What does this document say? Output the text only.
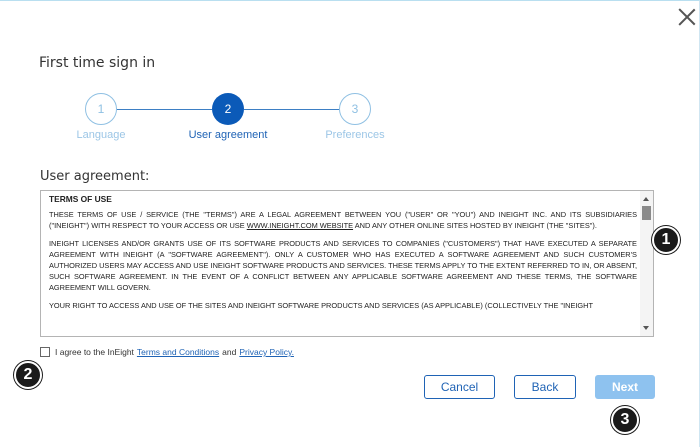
First time sign in
1	2	3
Language	User agreement	Preferences
User agreement:
TERMS OF USE
THESE TERMS OF USE / SERVICE (THE "TERMS") ARE A LEGAL AGREEMENT BETWEEN YOU ("USER" OR "YOU") AND INEIGHT INC. AND ITS SUBSIDIARIES ("INEIGHT") WITH RESPECT TO YOUR ACCESS OR USE WWW.INEIGHT.COM WEBSITE AND ANY OTHER ONLINE SITES HOSTED BY INEIGHT (THE "SITES").
INEIGHT LICENSES AND/OR GRANTS USE OF ITS SOFTWARE PRODUCTS AND SERVICES TO COMPANIES ("CUSTOMERS") THAT HAVE EXECUTED A SEPARATE AGREEMENT WITH INEIGHT (A "SOFTWARE AGREEMENT"). ONLY A CUSTOMER WHO HAS EXECUTED A SOFTWARE AGREEMENT AND SUCH CUSTOMER'S AUTHORIZED USERS MAY ACCESS AND USE INEIGHT SOFTWARE PRODUCTS AND SERVICES. THESE TERMS APPLY TO THE EXTENT REFERRED TO IN, OR ABSENT, SUCH SOFTWARE AGREEMENT. IN THE EVENT OF A CONFLICT BETWEEN ANY APPLICABLE SOFTWARE AGREEMENT AND THESE TERMS, THE SOFTWARE AGREEMENT WILL GOVERN.
YOUR RIGHT TO ACCESS AND USE OF THE SITES AND INEIGHT SOFTWARE PRODUCTS AND SERVICES (AS APPLICABLE) (COLLECTIVELY THE "INEIGHT
I agree to the InEight Terms and Conditions and Privacy Policy.
Cancel	Back	Next
1
2
3
